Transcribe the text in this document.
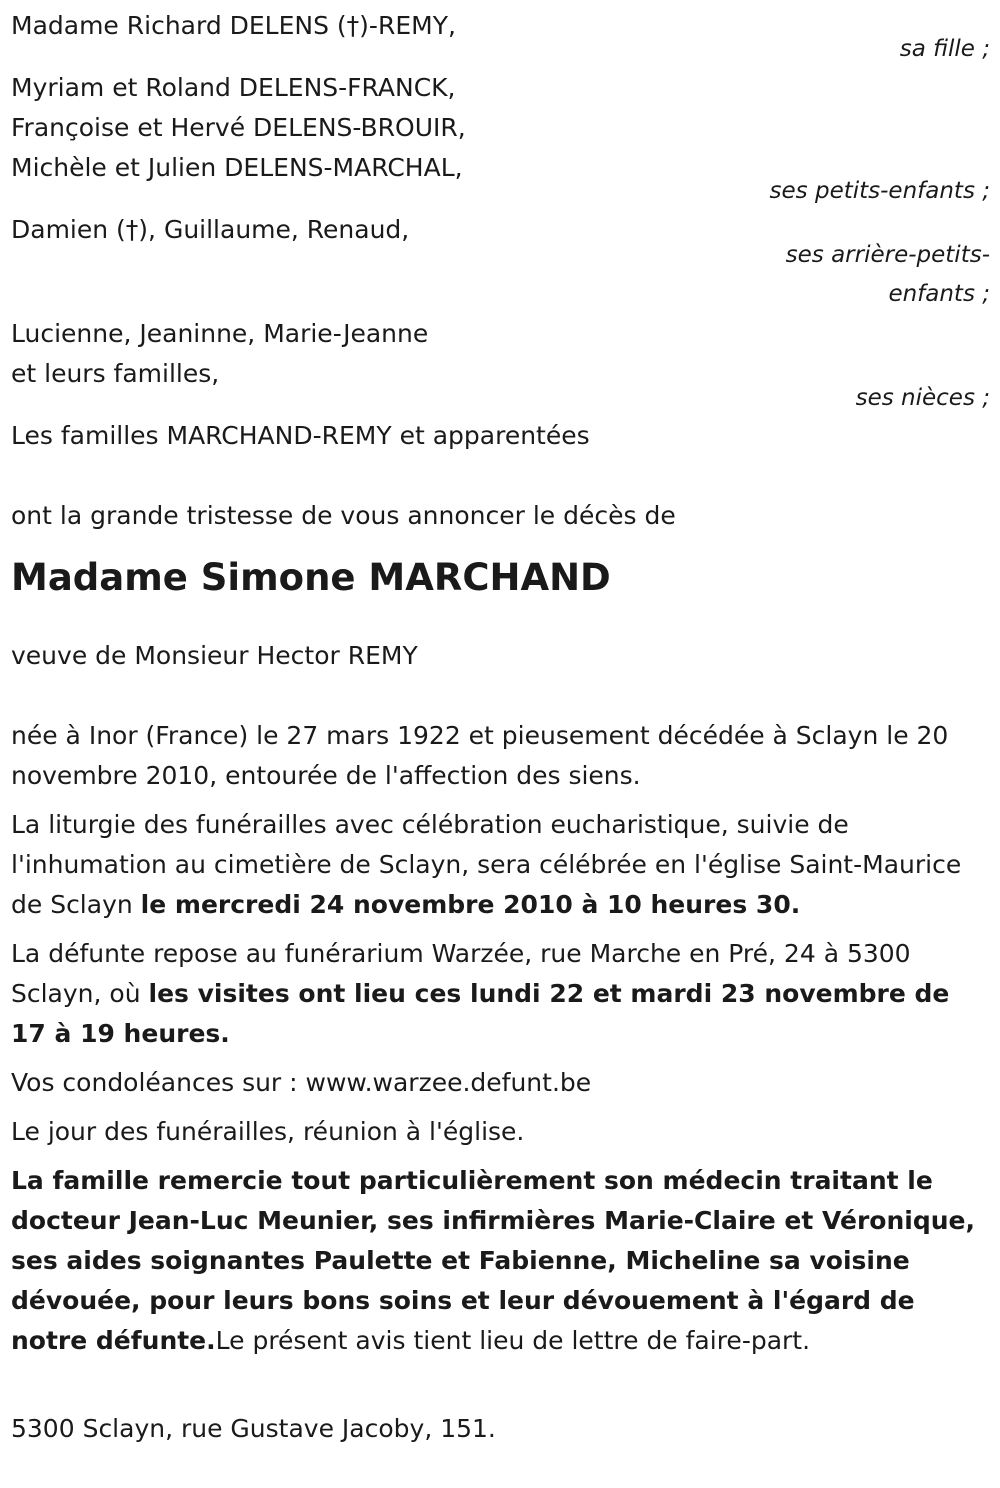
Madame Richard DELENS (†)-REMY,
sa fille ;
Myriam et Roland DELENS-FRANCK,
Françoise et Hervé DELENS-BROUIR,
Michèle et Julien DELENS-MARCHAL,
ses petits-enfants ;
Damien (†), Guillaume, Renaud,
ses arrière-petits-
enfants ;
Lucienne, Jeaninne, Marie-Jeanne
et leurs familles,
ses nièces ;
Les familles MARCHAND-REMY et apparentées
ont la grande tristesse de vous annoncer le décès de
Madame Simone MARCHAND
veuve de Monsieur Hector REMY
née à Inor (France) le 27 mars 1922 et pieusement décédée à Sclayn le 20 novembre 2010, entourée de l'affection des siens.
La liturgie des funérailles avec célébration eucharistique, suivie de l'inhumation au cimetière de Sclayn, sera célébrée en l'église Saint-Maurice de Sclayn le mercredi 24 novembre 2010 à 10 heures 30.
La défunte repose au funérarium Warzée, rue Marche en Pré, 24 à 5300 Sclayn, où les visites ont lieu ces lundi 22 et mardi 23 novembre de 17 à 19 heures.
Vos condoléances sur : www.warzee.defunt.be
Le jour des funérailles, réunion à l'église.
La famille remercie tout particulièrement son médecin traitant le docteur Jean-Luc Meunier, ses infirmières Marie-Claire et Véronique, ses aides soignantes Paulette et Fabienne, Micheline sa voisine dévouée, pour leurs bons soins et leur dévouement à l'égard de notre défunte.Le présent avis tient lieu de lettre de faire-part.
5300 Sclayn, rue Gustave Jacoby, 151.
